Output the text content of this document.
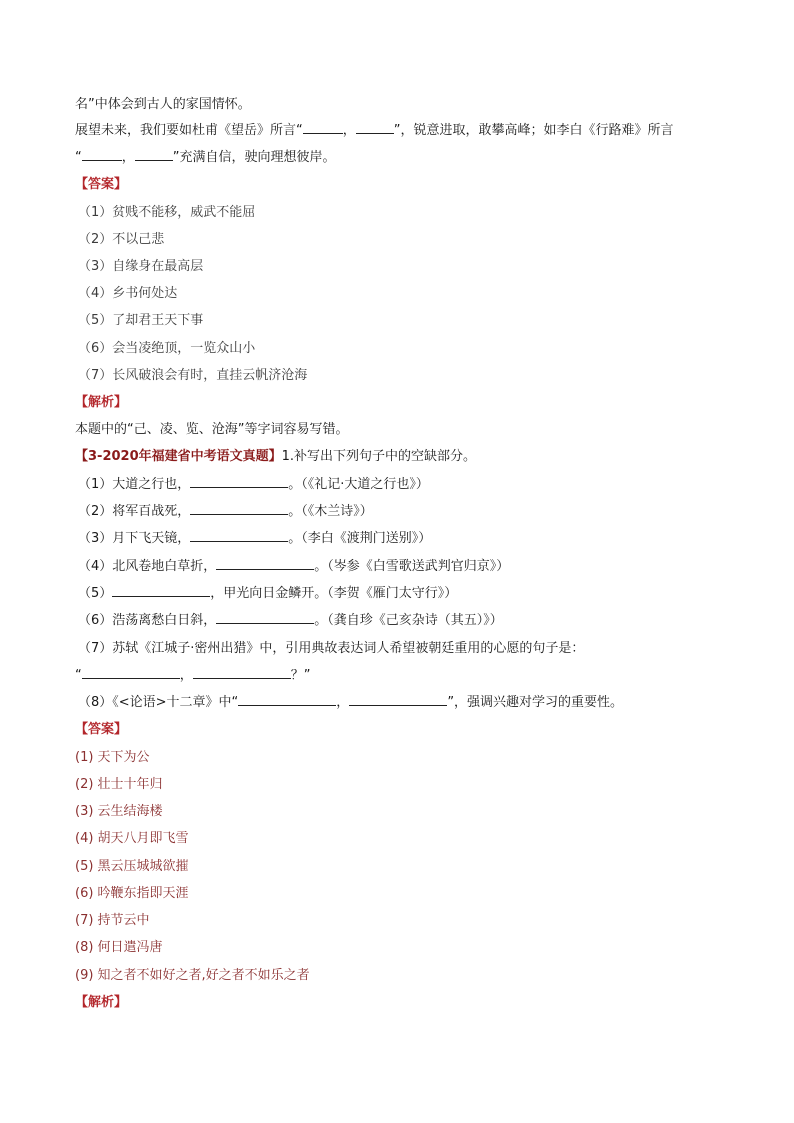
名”中体会到古人的家国情怀。
展望未来，我们要如杜甫《望岳》所言“	，	”，锐意进取，敢攀高峰；如李白《行路难》所言
“	，	”充满自信，驶向理想彼岸。
【答案】
（1）贫贱不能移，威武不能屈
（2）不以己悲
（3）自缘身在最高层
（4）乡书何处达
（5）了却君王天下事
（6）会当凌绝顶，一览众山小
（7）长风破浪会有时，直挂云帆济沧海
【解析】
本题中的“己、凌、览、沧海”等字词容易写错。
【3-2020年福建省中考语文真题】1.补写出下列句子中的空缺部分。
（1）大道之行也，	。（《礼记·大道之行也》）
（2）将军百战死，	。（《木兰诗》）
（3）月下飞天镜，	。（李白《渡荆门送别》）
（4）北风卷地白草折，	。（岑参《白雪歌送武判官归京》）
（5）	，甲光向日金鳞开。（李贺《雁门太守行》）
（6）浩荡离愁白日斜，	。（龚自珍《己亥杂诗（其五）》）
（7）苏轼《江城子·密州出猎》中，引用典故表达词人希望被朝廷重用的心愿的句子是：
“	，	？”
（8）《<论语>十二章》中“	，	”，强调兴趣对学习的重要性。
【答案】
(1) 天下为公
(2) 壮士十年归
(3) 云生结海楼
(4) 胡天八月即飞雪
(5) 黑云压城城欲摧
(6) 吟鞭东指即天涯
(7) 持节云中
(8) 何日遣冯唐
(9) 知之者不如好之者,好之者不如乐之者
【解析】
